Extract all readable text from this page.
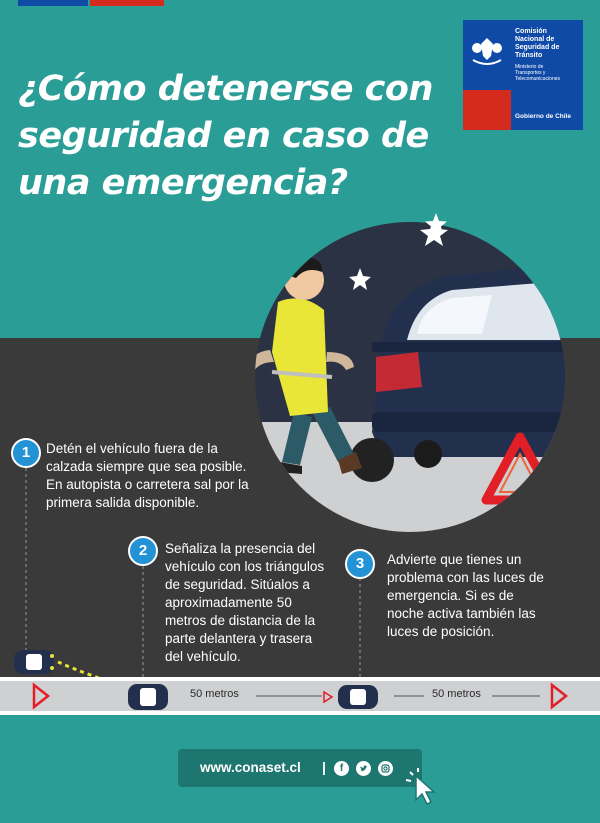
¿Cómo detenerse con
seguridad en caso de
una emergencia?
Comisión
Nacional de
Seguridad de
Tránsito
Ministerio de
Transportes y
Telecomunicaciones
Gobierno de Chile
1	Detén el vehículo fuera de la
calzada siempre que sea posible.
En autopista o carretera sal por la
primera salida disponible.

2	Señaliza la presencia del
vehículo con los triángulos
de seguridad. Sitúalos a
aproximadamente 50
metros de distancia de la
parte delantera y trasera
del vehículo.

3	Advierte que tienes un
problema con las luces de
emergencia. Si es de
noche activa también las
luces de posición.

50 metros	50 metros
www.conaset.cl |	f
